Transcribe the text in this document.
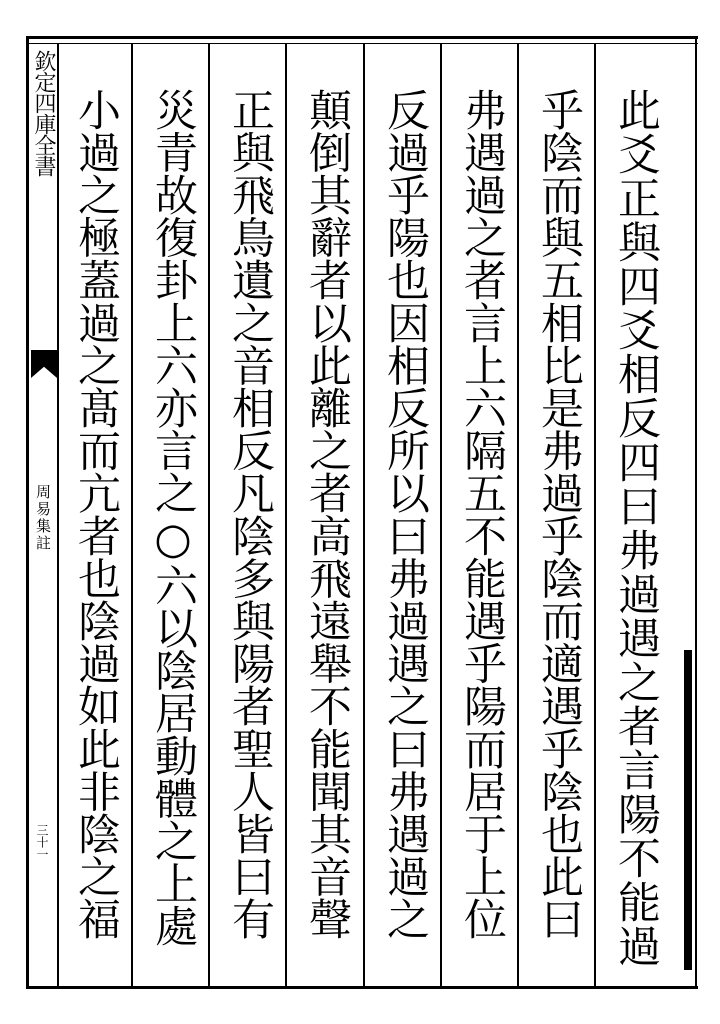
欽定四庫全書
周易集註
三十一	此爻正與四爻相反四曰弗過遇之者言陽不能過
乎陰而與五相比是弗過乎陰而適遇乎陰也此曰
弗遇過之者言上六隔五不能遇乎陽而居于上位
反過乎陽也因相反所以曰弗過遇之曰弗遇過之
顛倒其辭者以此離之者高飛遠舉不能聞其音聲
正與飛鳥遺之音相反凡陰多與陽者聖人皆曰有
災青故復卦上六亦言之○六以陰居動體之上處
小過之極蓋過之髙而亢者也陰過如此非陰之福
